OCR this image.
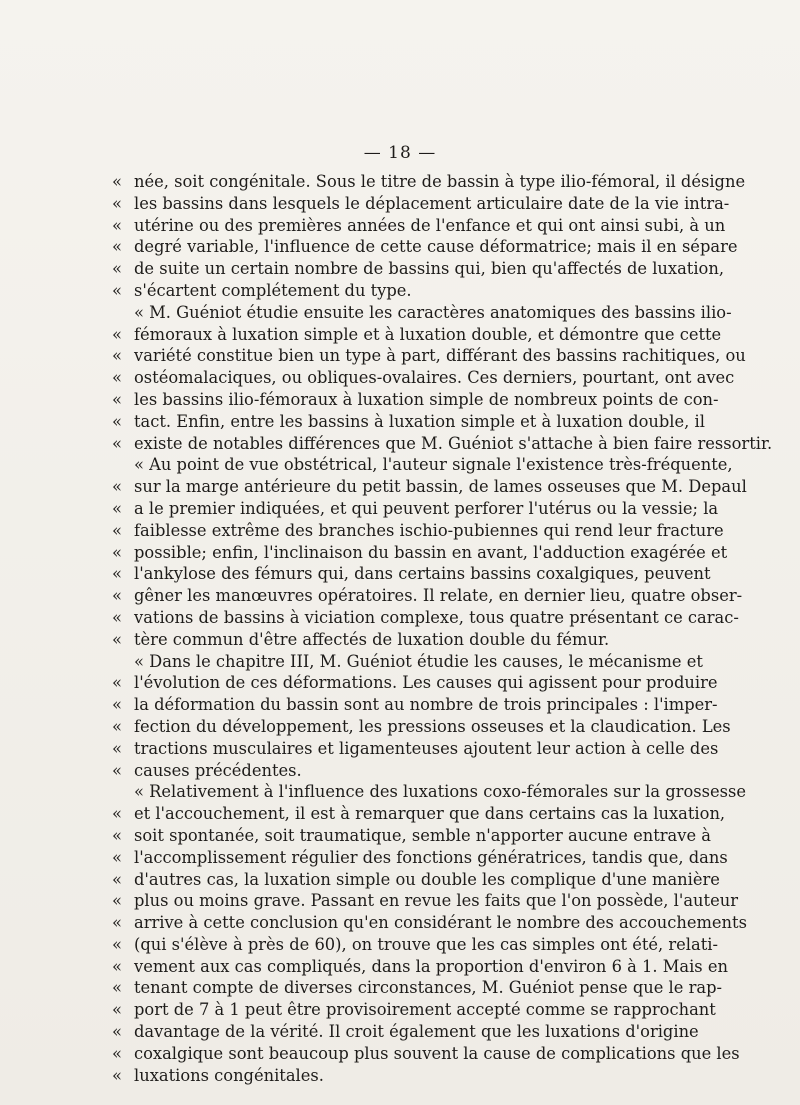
— 18 —
« née, soit congénitale. Sous le titre de bassin à type ilio-fémoral, il désigne
« les bassins dans lesquels le déplacement articulaire date de la vie intra-
« utérine ou des premières années de l'enfance et qui ont ainsi subi, à un
« degré variable, l'influence de cette cause déformatrice; mais il en sépare
« de suite un certain nombre de bassins qui, bien qu'affectés de luxation,
« s'écartent complétement du type.
« M. Guéniot étudie ensuite les caractères anatomiques des bassins ilio-
« fémoraux à luxation simple et à luxation double, et démontre que cette
« variété constitue bien un type à part, différant des bassins rachitiques, ou
« ostéomalaciques, ou obliques-ovalaires. Ces derniers, pourtant, ont avec
« les bassins ilio-fémoraux à luxation simple de nombreux points de con-
« tact. Enfin, entre les bassins à luxation simple et à luxation double, il
« existe de notables différences que M. Guéniot s'attache à bien faire ressortir.
« Au point de vue obstétrical, l'auteur signale l'existence très-fréquente,
« sur la marge antérieure du petit bassin, de lames osseuses que M. Depaul
« a le premier indiquées, et qui peuvent perforer l'utérus ou la vessie; la
« faiblesse extrême des branches ischio-pubiennes qui rend leur fracture
« possible; enfin, l'inclinaison du bassin en avant, l'adduction exagérée et
« l'ankylose des fémurs qui, dans certains bassins coxalgiques, peuvent
« gêner les manœuvres opératoires. Il relate, en dernier lieu, quatre obser-
« vations de bassins à viciation complexe, tous quatre présentant ce carac-
« tère commun d'être affectés de luxation double du fémur.
« Dans le chapitre III, M. Guéniot étudie les causes, le mécanisme et
« l'évolution de ces déformations. Les causes qui agissent pour produire
« la déformation du bassin sont au nombre de trois principales : l'imper-
« fection du développement, les pressions osseuses et la claudication. Les
« tractions musculaires et ligamenteuses ajoutent leur action à celle des
« causes précédentes.
« Relativement à l'influence des luxations coxo-fémorales sur la grossesse
« et l'accouchement, il est à remarquer que dans certains cas la luxation,
« soit spontanée, soit traumatique, semble n'apporter aucune entrave à
« l'accomplissement régulier des fonctions génératrices, tandis que, dans
« d'autres cas, la luxation simple ou double les complique d'une manière
« plus ou moins grave. Passant en revue les faits que l'on possède, l'auteur
« arrive à cette conclusion qu'en considérant le nombre des accouchements
« (qui s'élève à près de 60), on trouve que les cas simples ont été, relati-
« vement aux cas compliqués, dans la proportion d'environ 6 à 1. Mais en
« tenant compte de diverses circonstances, M. Guéniot pense que le rap-
« port de 7 à 1 peut être provisoirement accepté comme se rapprochant
« davantage de la vérité. Il croit également que les luxations d'origine
« coxalgique sont beaucoup plus souvent la cause de complications que les
« luxations congénitales.
